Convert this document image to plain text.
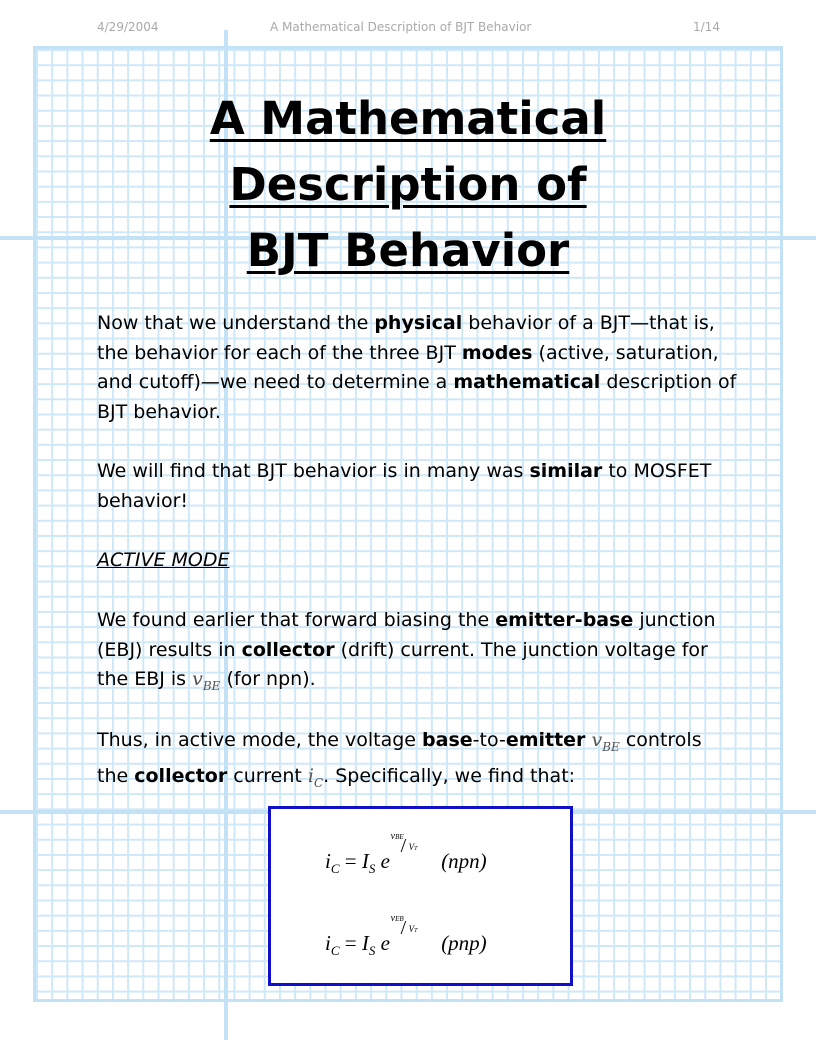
4/29/2004	A Mathematical Description of BJT Behavior	1/14
A Mathematical
Description of
BJT Behavior

Now that we understand the physical behavior of a BJT—that is, the behavior for each of the three BJT modes (active, saturation, and cutoff)—we need to determine a mathematical description of BJT behavior.

We will find that BJT behavior is in many was similar to MOSFET behavior!

ACTIVE MODE

We found earlier that forward biasing the emitter-base junction (EBJ) results in collector (drift) current. The junction voltage for the EBJ is $v_{BE}$ (for npn).

Thus, in active mode, the voltage base-to-emitter $v_{BE}$ controls the collector current $i_C$. Specifically, we find that:

$i_C = I_S$ e
vBE
/ VT (npn)
$i_C = I_S$ e
vEB
/ VT (pnp)
